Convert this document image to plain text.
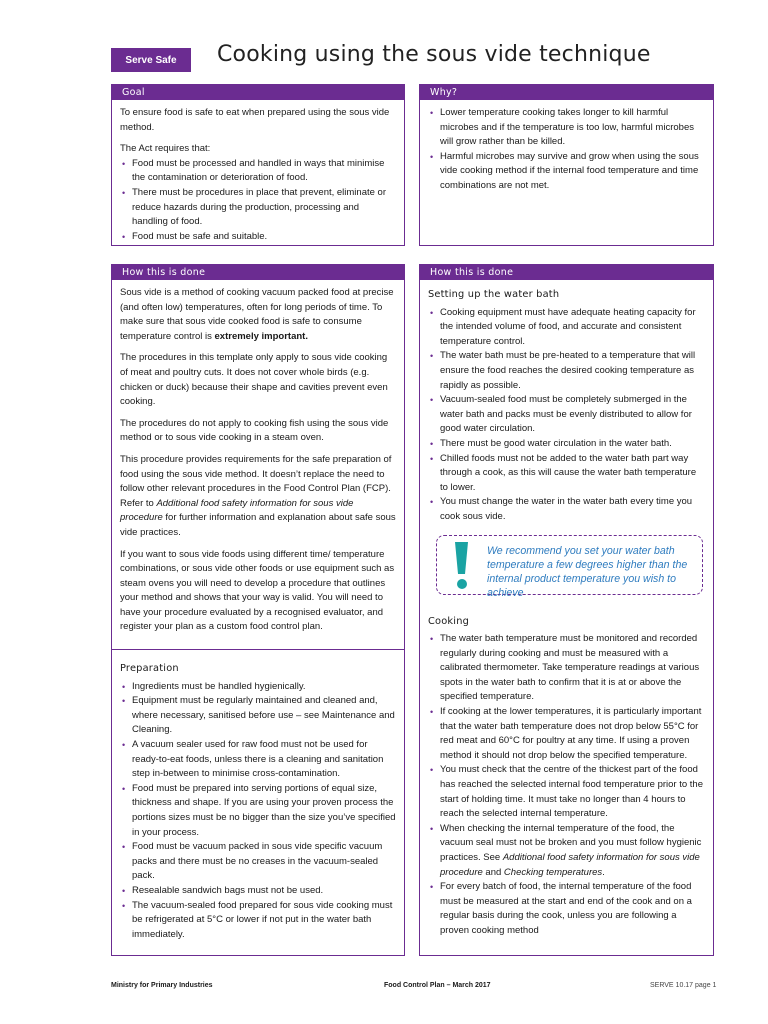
Serve Safe	Cooking using the sous vide technique
Goal

To ensure food is safe to eat when prepared using the sous vide method.

The Act requires that:

• Food must be processed and handled in ways that minimise the contamination or deterioration of food.
• There must be procedures in place that prevent, eliminate or reduce hazards during the production, processing and handling of food.
• Food must be safe and suitable.
Why?
• Lower temperature cooking takes longer to kill harmful microbes and if the temperature is too low, harmful microbes will grow rather than be killed.
• Harmful microbes may survive and grow when using the sous vide cooking method if the internal food temperature and time combinations are not met.
How this is done

Sous vide is a method of cooking vacuum packed food at precise (and often low) temperatures, often for long periods of time. To make sure that sous vide cooked food is safe to consume temperature control is extremely important.

The procedures in this template only apply to sous vide cooking of meat and poultry cuts. It does not cover whole birds (e.g. chicken or duck) because their shape and cavities prevent even cooking.

The procedures do not apply to cooking fish using the sous vide method or to sous vide cooking in a steam oven.

This procedure provides requirements for the safe preparation of food using the sous vide method. It doesn’t replace the need to follow other relevant procedures in the Food Control Plan (FCP). Refer to Additional food safety information for sous vide procedure for further information and explanation about safe sous vide practices.

If you want to sous vide foods using different time/ temperature combinations, or sous vide other foods or use equipment such as steam ovens you will need to develop a procedure that outlines your method and shows that your way is valid. You will need to have your procedure evaluated by a recognised evaluator, and register your plan as a custom food control plan.

Preparation
• Ingredients must be handled hygienically.
• Equipment must be regularly maintained and cleaned and, where necessary, sanitised before use – see Maintenance and Cleaning.
• A vacuum sealer used for raw food must not be used for ready-to-eat foods, unless there is a cleaning and sanitation step in-between to minimise cross-contamination.
• Food must be prepared into serving portions of equal size, thickness and shape. If you are using your proven process the portions sizes must be no bigger than the size you’ve specified in your process.
• Food must be vacuum packed in sous vide specific vacuum packs and there must be no creases in the vacuum-sealed pack.
• Resealable sandwich bags must not be used.
• The vacuum-sealed food prepared for sous vide cooking must be refrigerated at 5°C or lower if not put in the water bath immediately.
How this is done
Setting up the water bath
• Cooking equipment must have adequate heating capacity for the intended volume of food, and accurate and consistent temperature control.
• The water bath must be pre-heated to a temperature that will ensure the food reaches the desired cooking temperature as rapidly as possible.
• Vacuum-sealed food must be completely submerged in the water bath and packs must be evenly distributed to allow for good water circulation.
• There must be good water circulation in the water bath.
• Chilled foods must not be added to the water bath part way through a cook, as this will cause the water bath temperature to lower.
• You must change the water in the water bath every time you cook sous vide.
We recommend you set your water bath temperature a few degrees higher than the internal product temperature you wish to achieve
Cooking
• The water bath temperature must be monitored and recorded regularly during cooking and must be measured with a calibrated thermometer. Take temperature readings at various spots in the water bath to confirm that it is at or above the specified temperature.
• If cooking at the lower temperatures, it is particularly important that the water bath temperature does not drop below 55°C for red meat and 60°C for poultry at any time. If using a proven method it should not drop below the specified temperature.
• You must check that the centre of the thickest part of the food has reached the selected internal food temperature prior to the start of holding time. It must take no longer than 4 hours to reach the selected internal temperature.
• When checking the internal temperature of the food, the vacuum seal must not be broken and you must follow hygienic practices. See Additional food safety information for sous vide procedure and Checking temperatures.
• For every batch of food, the internal temperature of the food must be measured at the start and end of the cook and on a regular basis during the cook, unless you are following a proven cooking method
Ministry for Primary Industries	Food Control Plan – March 2017	SERVE 10.17 page 1
